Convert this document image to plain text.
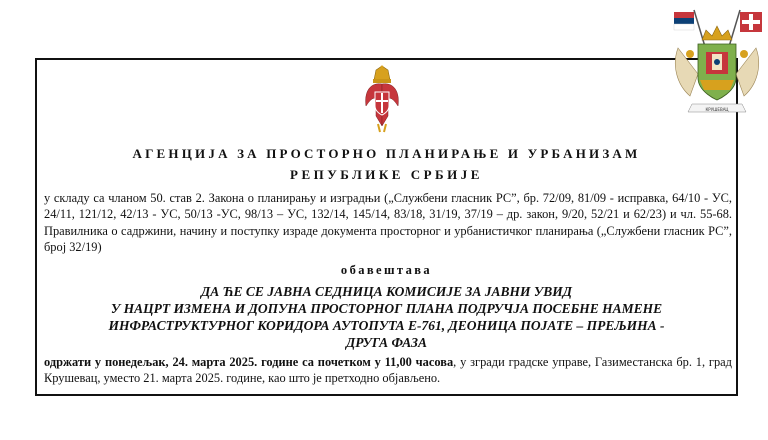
КРУШЕВАЦ
АГЕНЦИЈА ЗА ПРОСТОРНО ПЛАНИРАЊЕ И УРБАНИЗАМ
РЕПУБЛИКЕ СРБИЈЕ
у складу са чланом 50. став 2. Закона о планирању и изградњи („Службени гласник РС”, бр. 72/09, 81/09 - исправка, 64/10 - УС, 24/11, 121/12, 42/13 - УС, 50/13 -УС, 98/13 – УС, 132/14, 145/14, 83/18, 31/19, 37/19 – др. закон, 9/20, 52/21 и 62/23) и чл. 55-68. Правилника о садржини, начину и поступку израде документа просторног и урбанистичког планирања („Службени гласник РС”, број 32/19)
обавештава
ДА ЋЕ СЕ ЈАВНА СЕДНИЦА КОМИСИЈЕ ЗА ЈАВНИ УВИД
У НАЦРТ ИЗМЕНА И ДОПУНА ПРОСТОРНОГ ПЛАНА ПОДРУЧЈА ПОСЕБНЕ НАМЕНЕ
ИНФРАСТРУКТУРНОГ КОРИДОРА АУТОПУТА Е-761, ДЕОНИЦА ПОЈАТЕ – ПРЕЉИНА -
ДРУГА ФАЗА
одржати у понедељак, 24. марта 2025. године са почетком у 11,00 часова, у згради градске управе, Газиместанска бр. 1, град Крушевац, уместо 21. марта 2025. године, као што је претходно објављено.
